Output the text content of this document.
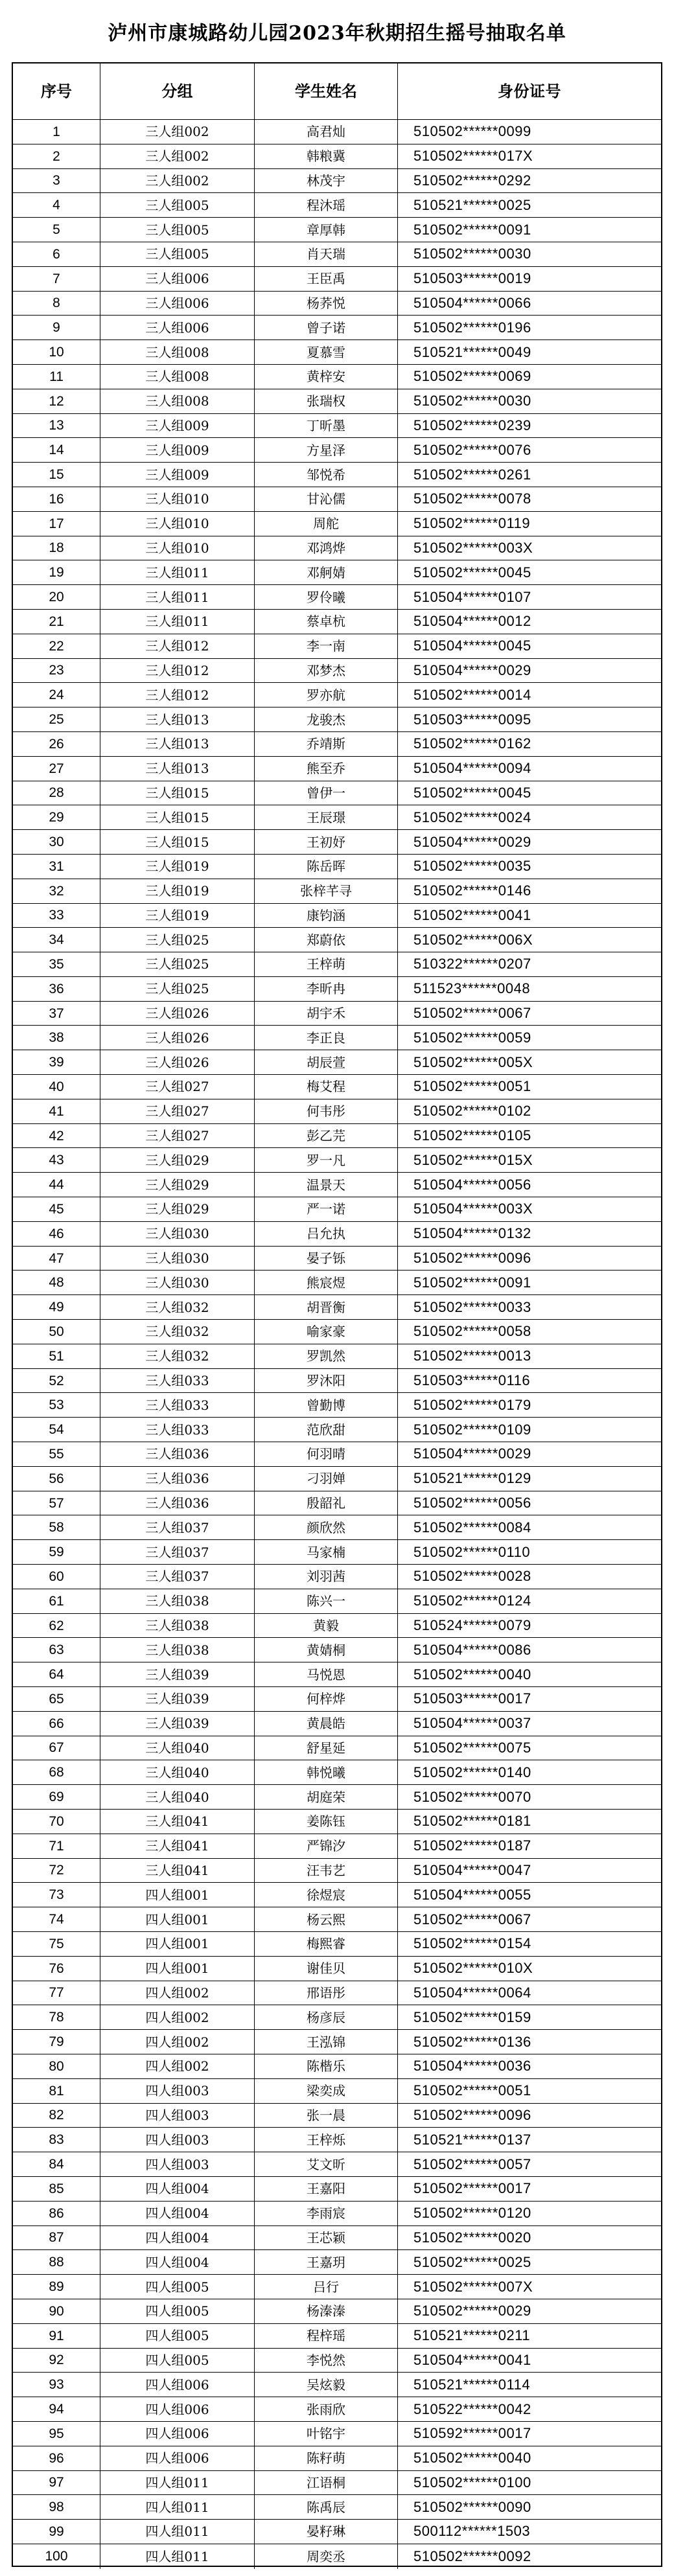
泸州市康城路幼儿园2023年秋期招生摇号抽取名单
序号	分组	学生姓名	身份证号
1	三人组002	高君灿	510502******0099
2	三人组002	韩粮冀	510502******017X
3	三人组002	林茂宇	510502******0292
4	三人组005	程沐瑶	510521******0025
5	三人组005	章厚韩	510502******0091
6	三人组005	肖天瑞	510502******0030
7	三人组006	王臣禹	510503******0019
8	三人组006	杨荞悦	510504******0066
9	三人组006	曾子诺	510502******0196
10	三人组008	夏慕雪	510521******0049
11	三人组008	黄梓安	510502******0069
12	三人组008	张瑞权	510502******0030
13	三人组009	丁昕墨	510502******0239
14	三人组009	方星泽	510502******0076
15	三人组009	邹悦希	510502******0261
16	三人组010	甘沁儒	510502******0078
17	三人组010	周舵	510502******0119
18	三人组010	邓鸿烨	510502******003X
19	三人组011	邓舸婧	510502******0045
20	三人组011	罗伶曦	510504******0107
21	三人组011	蔡卓杭	510504******0012
22	三人组012	李一南	510504******0045
23	三人组012	邓梦杰	510504******0029
24	三人组012	罗亦航	510502******0014
25	三人组013	龙骏杰	510503******0095
26	三人组013	乔靖斯	510502******0162
27	三人组013	熊至乔	510504******0094
28	三人组015	曾伊一	510502******0045
29	三人组015	王辰璟	510502******0024
30	三人组015	王初妤	510504******0029
31	三人组019	陈岳晖	510502******0035
32	三人组019	张梓芊寻	510502******0146
33	三人组019	康钧涵	510502******0041
34	三人组025	郑蔚依	510502******006X
35	三人组025	王梓萌	510322******0207
36	三人组025	李昕冉	511523******0048
37	三人组026	胡宇禾	510502******0067
38	三人组026	李正良	510502******0059
39	三人组026	胡辰萱	510502******005X
40	三人组027	梅艾程	510502******0051
41	三人组027	何韦彤	510502******0102
42	三人组027	彭乙芫	510502******0105
43	三人组029	罗一凡	510502******015X
44	三人组029	温景天	510504******0056
45	三人组029	严一诺	510504******003X
46	三人组030	吕允执	510504******0132
47	三人组030	晏子铄	510502******0096
48	三人组030	熊宸煜	510502******0091
49	三人组032	胡晋衡	510502******0033
50	三人组032	喻家豪	510502******0058
51	三人组032	罗凯然	510502******0013
52	三人组033	罗沐阳	510503******0116
53	三人组033	曾勤博	510502******0179
54	三人组033	范欣甜	510502******0109
55	三人组036	何羽晴	510504******0029
56	三人组036	刁羽婵	510521******0129
57	三人组036	殷韶礼	510502******0056
58	三人组037	颜欣然	510502******0084
59	三人组037	马家楠	510502******0110
60	三人组037	刘羽茜	510502******0028
61	三人组038	陈兴一	510502******0124
62	三人组038	黄毅	510524******0079
63	三人组038	黄婧桐	510504******0086
64	三人组039	马悦恩	510502******0040
65	三人组039	何梓烨	510503******0017
66	三人组039	黄晨皓	510504******0037
67	三人组040	舒星延	510502******0075
68	三人组040	韩悦曦	510502******0140
69	三人组040	胡庭荣	510502******0070
70	三人组041	姜陈钰	510502******0181
71	三人组041	严锦汐	510502******0187
72	三人组041	汪韦艺	510504******0047
73	四人组001	徐煜宸	510504******0055
74	四人组001	杨云熙	510502******0067
75	四人组001	梅熙睿	510502******0154
76	四人组001	谢佳贝	510502******010X
77	四人组002	邢语彤	510504******0064
78	四人组002	杨彦辰	510502******0159
79	四人组002	王泓锦	510502******0136
80	四人组002	陈楷乐	510504******0036
81	四人组003	梁奕成	510502******0051
82	四人组003	张一晨	510502******0096
83	四人组003	王梓烁	510521******0137
84	四人组003	艾文昕	510502******0057
85	四人组004	王嘉阳	510502******0017
86	四人组004	李雨宸	510502******0120
87	四人组004	王芯颖	510502******0020
88	四人组004	王嘉玥	510502******0025
89	四人组005	吕行	510502******007X
90	四人组005	杨溱溱	510502******0029
91	四人组005	程梓瑶	510521******0211
92	四人组005	李悦然	510504******0041
93	四人组006	吴炫毅	510521******0114
94	四人组006	张雨欣	510522******0042
95	四人组006	叶铭宇	510592******0017
96	四人组006	陈籽萌	510502******0040
97	四人组011	江语桐	510502******0100
98	四人组011	陈禹辰	510502******0090
99	四人组011	晏籽琳	500112******1503
100	四人组011	周奕丞	510502******0092
